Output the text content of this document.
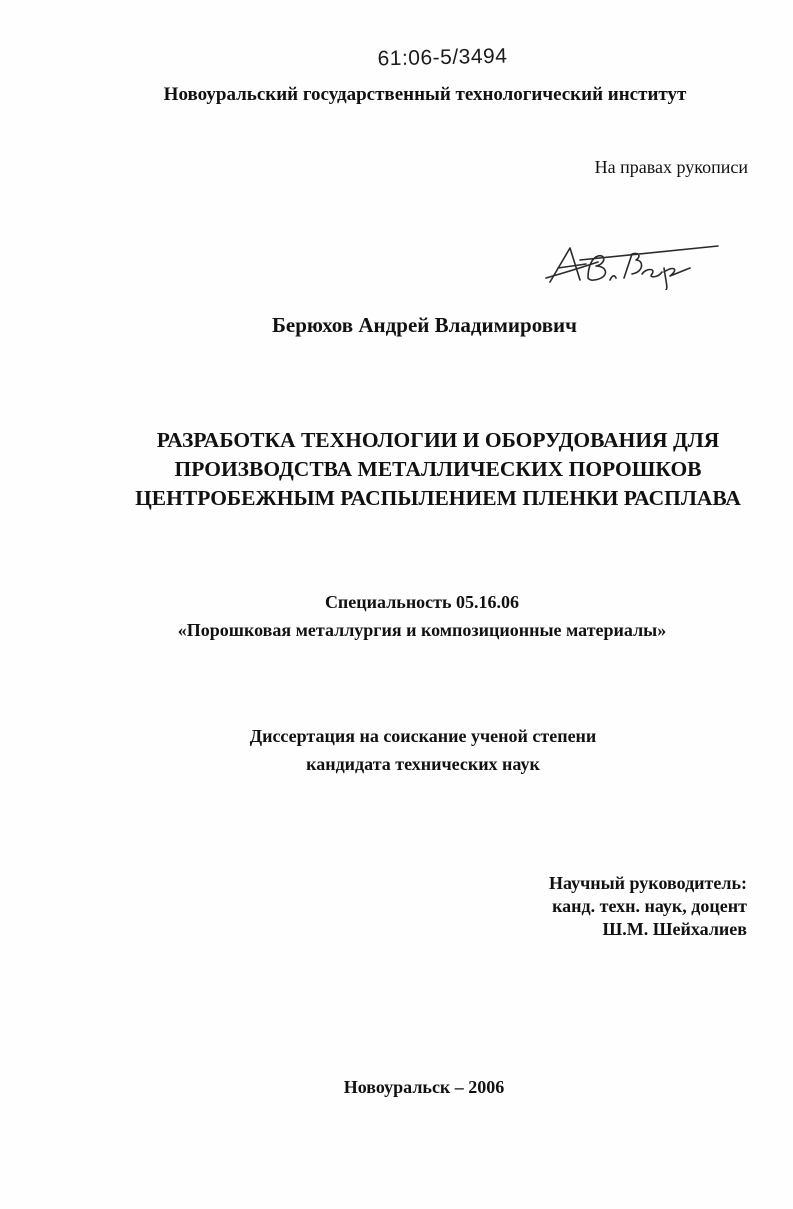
61:06-5/3494
Новоуральский государственный технологический институт
На правах рукописи
Берюхов Андрей Владимирович
РАЗРАБОТКА ТЕХНОЛОГИИ И ОБОРУДОВАНИЯ ДЛЯ
ПРОИЗВОДСТВА МЕТАЛЛИЧЕСКИХ ПОРОШКОВ
ЦЕНТРОБЕЖНЫМ РАСПЫЛЕНИЕМ ПЛЕНКИ РАСПЛАВА
Специальность 05.16.06
«Порошковая металлургия и композиционные материалы»
Диссертация на соискание ученой степени
кандидата технических наук
Научный руководитель:
канд. техн. наук, доцент
Ш.М. Шейхалиев
Новоуральск – 2006
